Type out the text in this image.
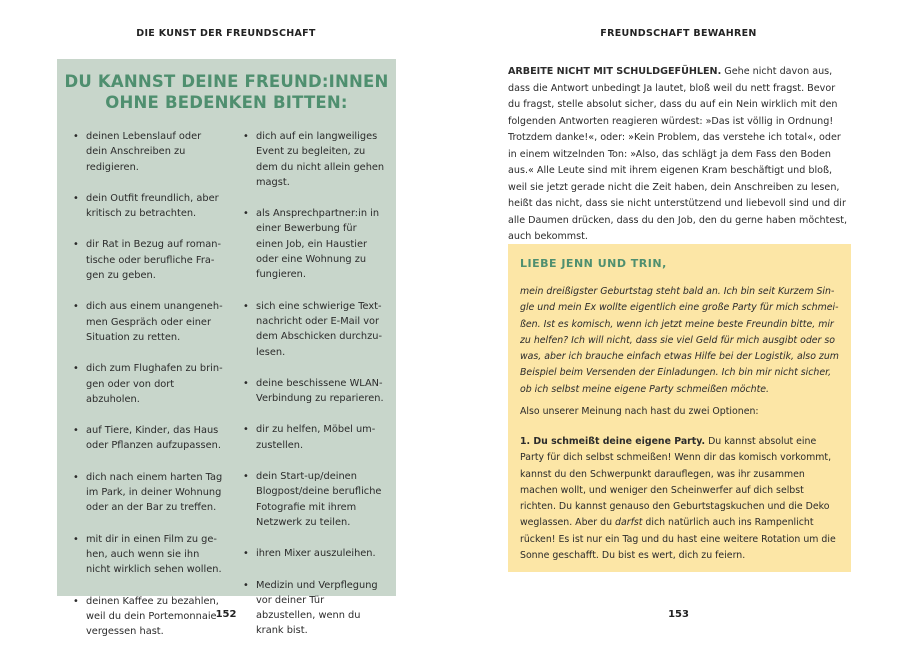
DIE KUNST DER FREUNDSCHAFT
DU KANNST DEINE FREUND:INNEN
OHNE BEDENKEN BITTEN:
• deinen Lebenslauf oder dein Anschreiben zu redigieren.
• dein Outfit freundlich, aber kritisch zu betrachten.
• dir Rat in Bezug auf romantische oder berufliche Fragen zu geben.
• dich aus einem unangenehmen Gespräch oder einer Situation zu retten.
• dich zum Flughafen zu bringen oder von dort abzuholen.
• auf Tiere, Kinder, das Haus oder Pflanzen aufzupassen.
• dich nach einem harten Tag im Park, in deiner Wohnung oder an der Bar zu treffen.
• mit dir in einen Film zu gehen, auch wenn sie ihn nicht wirklich sehen wollen.
• deinen Kaffee zu bezahlen, weil du dein Portemonnaie vergessen hast.
• dich auf ein langweiliges Event zu begleiten, zu dem du nicht allein gehen magst.
• als Ansprechpartner:in in einer Bewerbung für einen Job, ein Haustier oder eine Wohnung zu fungieren.
• sich eine schwierige Textnachricht oder E-Mail vor dem Abschicken durchzulesen.
• deine beschissene WLAN-Verbindung zu reparieren.
• dir zu helfen, Möbel umzustellen.
• dein Start-up/deinen Blogpost/deine berufliche Fotografie mit ihrem Netzwerk zu teilen.
• ihren Mixer auszuleihen.
• Medizin und Verpflegung vor deiner Tür abzustellen, wenn du krank bist.
152
FREUNDSCHAFT BEWAHREN
ARBEITE NICHT MIT SCHULDGEFÜHLEN. Gehe nicht davon aus, dass die Antwort unbedingt Ja lautet, bloß weil du nett fragst. Bevor du fragst, stelle absolut sicher, dass du auf ein Nein wirklich mit den folgenden Antworten reagieren würdest: »Das ist völlig in Ordnung! Trotzdem danke!«, oder: »Kein Problem, das verstehe ich total«, oder in einem witzelnden Ton: »Also, das schlägt ja dem Fass den Boden aus.« Alle Leute sind mit ihrem eigenen Kram beschäftigt und bloß, weil sie jetzt gerade nicht die Zeit haben, dein Anschreiben zu lesen, heißt das nicht, dass sie nicht unterstützend und liebevoll sind und dir alle Daumen drücken, dass du den Job, den du gerne haben möchtest, auch bekommst.
LIEBE JENN UND TRIN,
mein dreißigster Geburtstag steht bald an. Ich bin seit Kurzem Single und mein Ex wollte eigentlich eine große Party für mich schmeißen. Ist es komisch, wenn ich jetzt meine beste Freundin bitte, mir zu helfen? Ich will nicht, dass sie viel Geld für mich ausgibt oder so was, aber ich brauche einfach etwas Hilfe bei der Logistik, also zum Beispiel beim Versenden der Einladungen. Ich bin mir nicht sicher, ob ich selbst meine eigene Party schmeißen möchte.
Also unserer Meinung nach hast du zwei Optionen:
1. Du schmeißt deine eigene Party. Du kannst absolut eine Party für dich selbst schmeißen! Wenn dir das komisch vorkommt, kannst du den Schwerpunkt darauflegen, was ihr zusammen machen wollt, und weniger den Scheinwerfer auf dich selbst richten. Du kannst genauso den Geburtstagskuchen und die Deko weglassen. Aber du darfst dich natürlich auch ins Rampenlicht rücken! Es ist nur ein Tag und du hast eine weitere Rotation um die Sonne geschafft. Du bist es wert, dich zu feiern.
153
